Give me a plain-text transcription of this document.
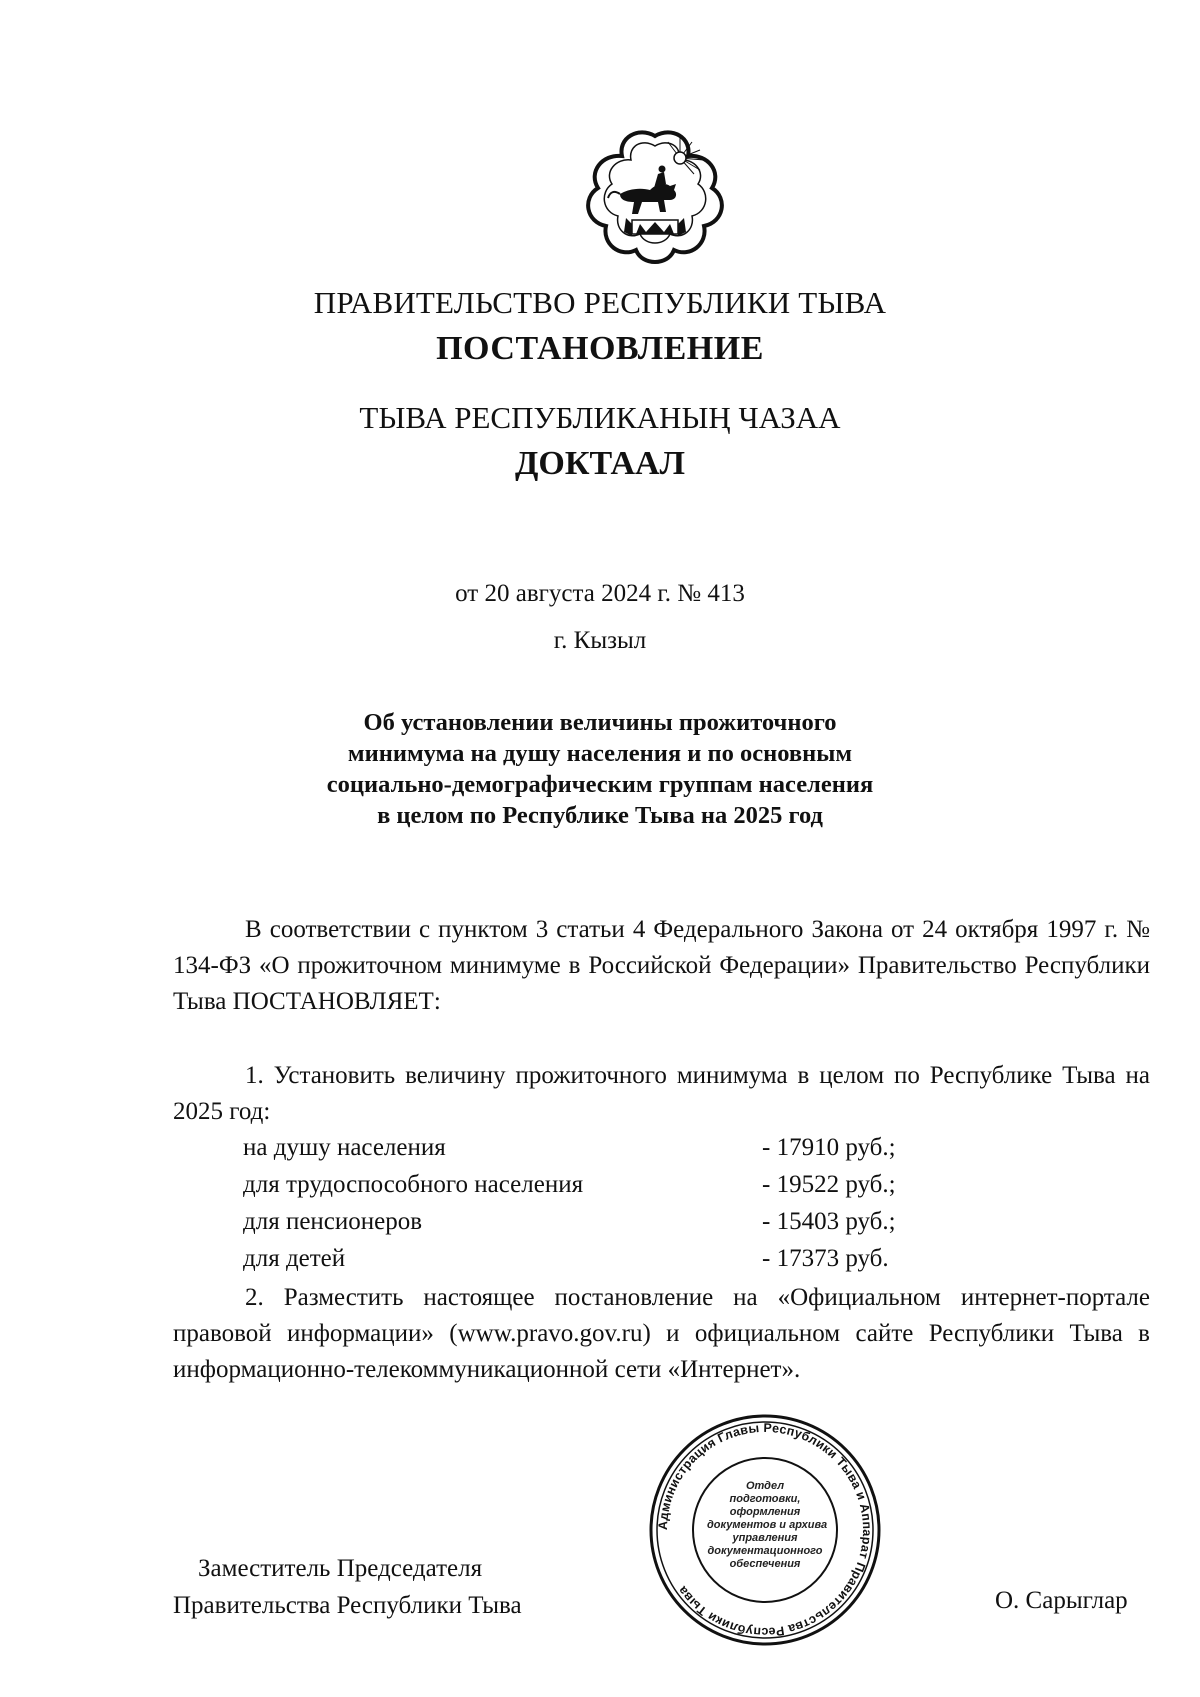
ПРАВИТЕЛЬСТВО РЕСПУБЛИКИ ТЫВА
ПОСТАНОВЛЕНИЕ
ТЫВА РЕСПУБЛИКАНЫҢ ЧАЗАА
ДОКТААЛ
от 20 августа 2024 г. № 413
г. Кызыл
Об установлении величины прожиточного
минимума на душу населения и по основным
социально-демографическим группам населения
в целом по Республике Тыва на 2025 год
В соответствии с пунктом 3 статьи 4 Федерального Закона от 24 октября 1997 г. № 134-ФЗ «О прожиточном минимуме в Российской Федерации» Правительство Республики Тыва ПОСТАНОВЛЯЕТ:
1. Установить величину прожиточного минимума в целом по Республике Тыва на 2025 год:
на душу населения	- 17910 руб.;
для трудоспособного населения	- 19522 руб.;
для пенсионеров	- 15403 руб.;
для детей	- 17373 руб.
2. Разместить настоящее постановление на «Официальном интернет-портале правовой информации» (www.pravo.gov.ru) и официальном сайте Республики Тыва в информационно-телекоммуникационной сети «Интернет».
Администрация Главы Республики Тыва и Аппарат Правительства Республики Тыва
Отдел
подготовки,
оформления
документов и архива
управления
документационного
обеспечения
Заместитель Председателя
Правительства Республики Тыва	О. Сарыглар
